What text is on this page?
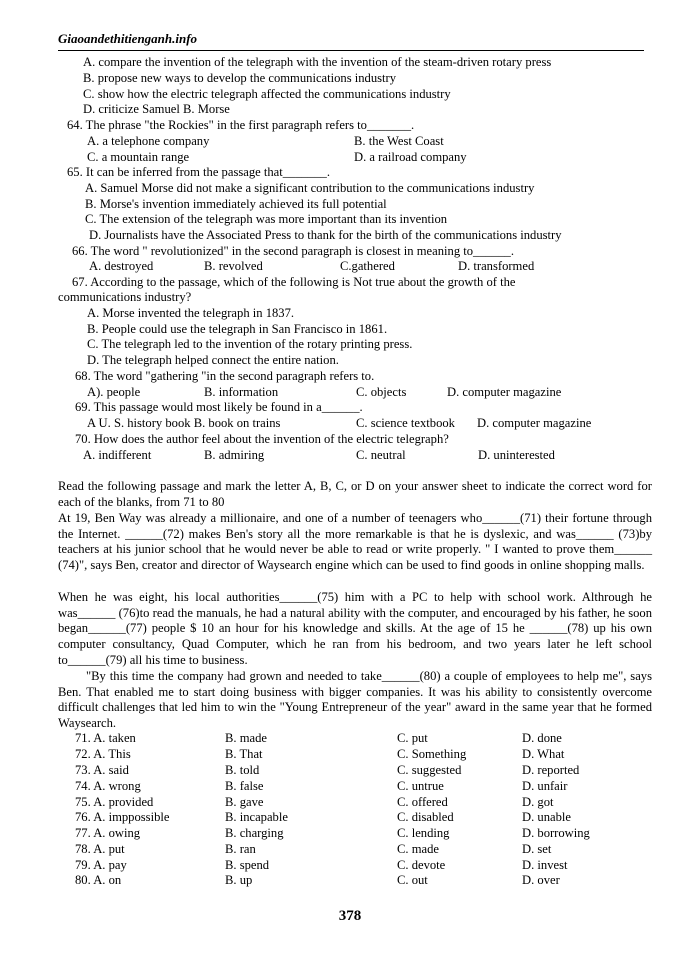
Giaoandethitienganh.info
A. compare the invention of the telegraph with the invention of the steam-driven rotary press
B. propose new ways to develop the communications industry
C. show how the electric telegraph affected the communications industry
D. criticize Samuel B. Morse
64. The phrase "the Rockies" in the first paragraph refers to_______.
A. a telephone company	B. the West Coast
C. a mountain range	D. a railroad company
65. It can be inferred from the passage that_______.
A. Samuel Morse did not make a significant contribution to the communications industry
B. Morse's invention immediately achieved its full potential
C. The extension of the telegraph was more important than its invention
D. Journalists have the Associated Press to thank for the birth of the communications industry
66. The word " revolutionized" in the second paragraph is closest in meaning to______.
A. destroyed	B. revolved	C.gathered	D. transformed
67. According to the passage, which of the following is Not true about the growth of the
communications industry?
A. Morse invented the telegraph in 1837.
B. People could use the telegraph in San Francisco in 1861.
C. The telegraph led to the invention of the rotary printing press.
D. The telegraph helped connect the entire nation.
68. The word "gathering "in the second paragraph refers to.
A). people	B. information	C. objects	D. computer magazine
69. This passage would most likely be found in a______.
A U. S. history book B. book on trains	C. science textbook D. computer magazine
70. How does the author feel about the invention of the electric telegraph?
A. indifferent	B. admiring	C. neutral	D. uninterested
Read the following passage and mark the letter A, B, C, or D on your answer sheet to indicate the correct word for each of the blanks, from 71 to 80
At 19, Ben Way was already a millionaire, and one of a number of teenagers who______(71) their fortune through the Internet. ______(72) makes Ben's story all the more remarkable is that he is dyslexic, and was______ (73)by teachers at his junior school that he would never be able to read or write properly. " I wanted to prove them______ (74)", says Ben, creator and director of Waysearch engine which can be used to find goods in online shopping malls.
When he was eight, his local authorities______(75) him with a PC to help with school work. Althrough he was______ (76)to read the manuals, he had a natural ability with the computer, and encouraged by his father, he soon began______(77) people $ 10 an hour for his knowledge and skills. At the age of 15 he ______(78) up his own computer consultancy, Quad Computer, which he ran from his bedroom, and two years later he left school to______(79) all his time to business.
"By this time the company had grown and needed to take______(80) a couple of employees to help me", says Ben. That enabled me to start doing business with bigger companies. It was his ability to consistently overcome difficult challenges that led him to win the "Young Entrepreneur of the year" award in the same year that he formed Waysearch.
71. A. taken	B. made	C. put	D. done
72. A. This	B. That	C. Something	D. What
73. A. said	B. told	C. suggested	D. reported
74. A. wrong	B. false	C. untrue	D. unfair
75. A. provided	B. gave	C. offered	D. got
76. A. imppossible	B. incapable	C. disabled	D. unable
77. A. owing	B. charging	C. lending	D. borrowing
78. A. put	B. ran	C. made	D. set
79. A. pay	B. spend	C. devote	D. invest
80. A. on	B. up	C. out	D. over
378
